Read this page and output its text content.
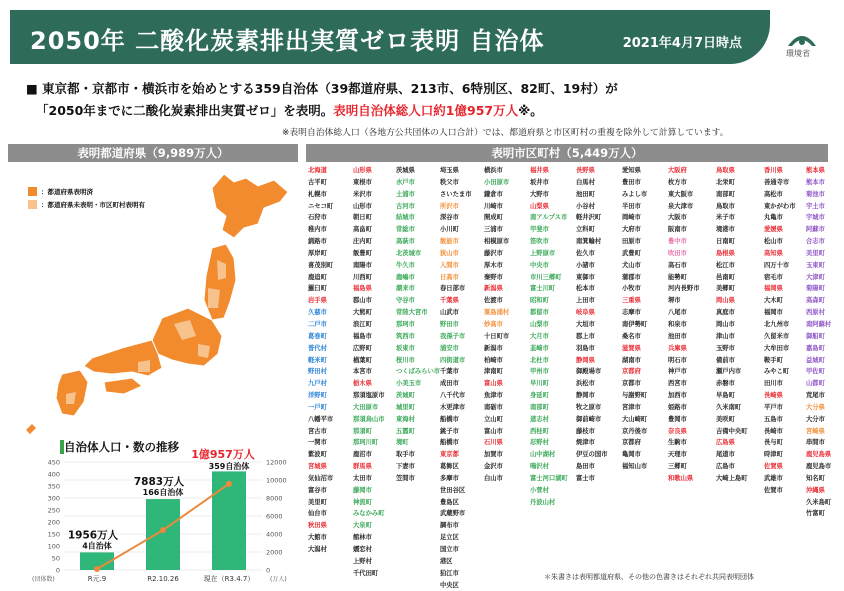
2050年 二酸化炭素排出実質ゼロ表明 自治体	2021年4月7日時点
環境省
■ 東京都・京都市・横浜市を始めとする359自治体（39都道府県、213市、6特別区、82町、19村）が
「2050年までに二酸化炭素排出実質ゼロ」を表明。表明自治体総人口約1億957万人※。
※表明自治体総人口（各地方公共団体の人口合計）では、都道府県と市区町村の重複を除外して計算しています。
表明都道府県（9,989万人）	表明市区町村（5,449万人）
：都道府県表明済
：都道府県未表明・市区町村表明有
自治体人口・数の推移
450
400
350
300
250
200
150
100
50
0
12000
10000
8000
6000
4000
2000
0
(団体数)	(万人)
R元.9	R2.10.26	現在（R3.4.7）
1956万人
4自治体
7883万人
166自治体
1億957万人
359自治体
北海道
古平町
札幌市
ニセコ町
石狩市
稚内市
釧路市
厚岸町
喜茂別町
鹿追町
羅臼町
岩手県
久慈市
二戸市
葛巻町
普代村
軽米町
野田村
九戸村
洋野町
一戸町
八幡平市
宮古市
一関市
紫波町
宮城県
気仙沼市
富谷市
美里町
仙台市
秋田県
大館市
大潟村
山形県
東根市
米沢市
山形市
朝日町
高畠町
庄内町
飯豊町
南陽市
川西町
福島県
郡山市
大熊町
浪江町
福島市
広野町
楢葉町
本宮市
栃木県
那須塩原市
大田原市
那須烏山市
那須町
那珂川町
鹿沼市
群馬県
太田市
藤岡市
神流町
みなかみ町
大泉町
館林市
嬬恋村
上野村
千代田町
茨城県
水戸市
土浦市
古河市
結城市
常総市
高萩市
北茨城市
牛久市
鹿嶋市
潮来市
守谷市
常陸大宮市
那珂市
筑西市
坂東市
桜川市
つくばみらい市
小美玉市
茨城町
城里町
東海村
五霞町
境町
取手市
下妻市
笠間市
埼玉県
秩父市
さいたま市
所沢市
深谷市
小川町
飯能市
狭山市
入間市
日高市
春日部市
千葉県
山武市
野田市
我孫子市
浦安市
四街道市
千葉市
成田市
八千代市
木更津市
船橋市
銚子市
船橋市
東京都
葛飾区
多摩市
世田谷区
豊島区
武蔵野市
調布市
足立区
国立市
港区
狛江市
中央区
横浜市
小田原市
鎌倉市
川崎市
開成町
三浦市
相模原市
藤沢市
厚木市
秦野市
新潟県
佐渡市
粟島浦村
妙高市
十日町市
新潟市
柏崎市
津南町
富山県
魚津市
南砺市
立山町
富山市
石川県
加賀市
金沢市
白山市
福井県
坂井市
大野市
山梨県
南アルプス市
甲斐市
笛吹市
上野原市
中央市
市川三郷町
富士川町
昭和町
都留市
山梨市
大月市
韮崎市
北杜市
甲州市
早川町
身延町
南部町
道志村
西桂町
忍野村
山中湖村
鳴沢村
富士河口湖町
小菅村
丹波山村
長野県
白馬村
池田町
小谷村
軽井沢町
立科町
南箕輪村
佐久市
小諸市
東御市
松本市
上田市
岐阜県
大垣市
郡上市
羽島市
静岡県
御殿場市
浜松市
静岡市
牧之原市
御前崎市
藤枝市
焼津市
伊豆の国市
島田市
富士市
愛知県
豊田市
みよし市
半田市
岡崎市
大府市
田原市
武豊町
犬山市
蒲郡市
小牧市
三重県
志摩市
南伊勢町
桑名市
滋賀県
湖南市
京都府
京都市
与謝野町
宮津市
大山崎町
京丹後市
京都府
亀岡市
福知山市
大阪府
枚方市
東大阪市
泉大津市
大阪市
阪南市
豊中市
吹田市
高石市
能勢町
河内長野市
堺市
八尾市
和泉市
池田市
兵庫県
明石市
神戸市
西宮市
加西市
姫路市
豊岡市
奈良県
生駒市
天理市
三郷町
和歌山県
鳥取県
北栄町
南部町
鳥取市
米子市
境港市
日南町
島根県
松江市
邑南町
美郷町
岡山県
真庭市
岡山市
津山市
玉野市
備前市
瀬戸内市
赤磐市
早島町
久米南町
美咲町
吉備中央町
広島県
尾道市
広島市
大崎上島町
香川県
善通寺市
高松市
東かがわ市
丸亀市
愛媛県
松山市
高知県
四万十市
宿毛市
福岡県
大木町
福岡市
北九州市
久留米市
大牟田市
鞍手町
みやこ町
田川市
長崎県
平戸市
五島市
長崎市
長与町
時津町
佐賀県
武雄市
佐賀市
熊本県
熊本市
菊池市
宇土市
宇城市
阿蘇市
合志市
美里町
玉東町
大津町
菊陽町
高森町
西原村
南阿蘇村
御船町
嘉島町
益城町
甲佐町
山都町
荒尾市
大分県
大分市
宮崎県
串間市
鹿児島県
鹿児島市
知名町
沖縄県
久米島町
竹富町
＊朱書きは表明都道府県、その他の色書きはそれぞれ共同表明団体
